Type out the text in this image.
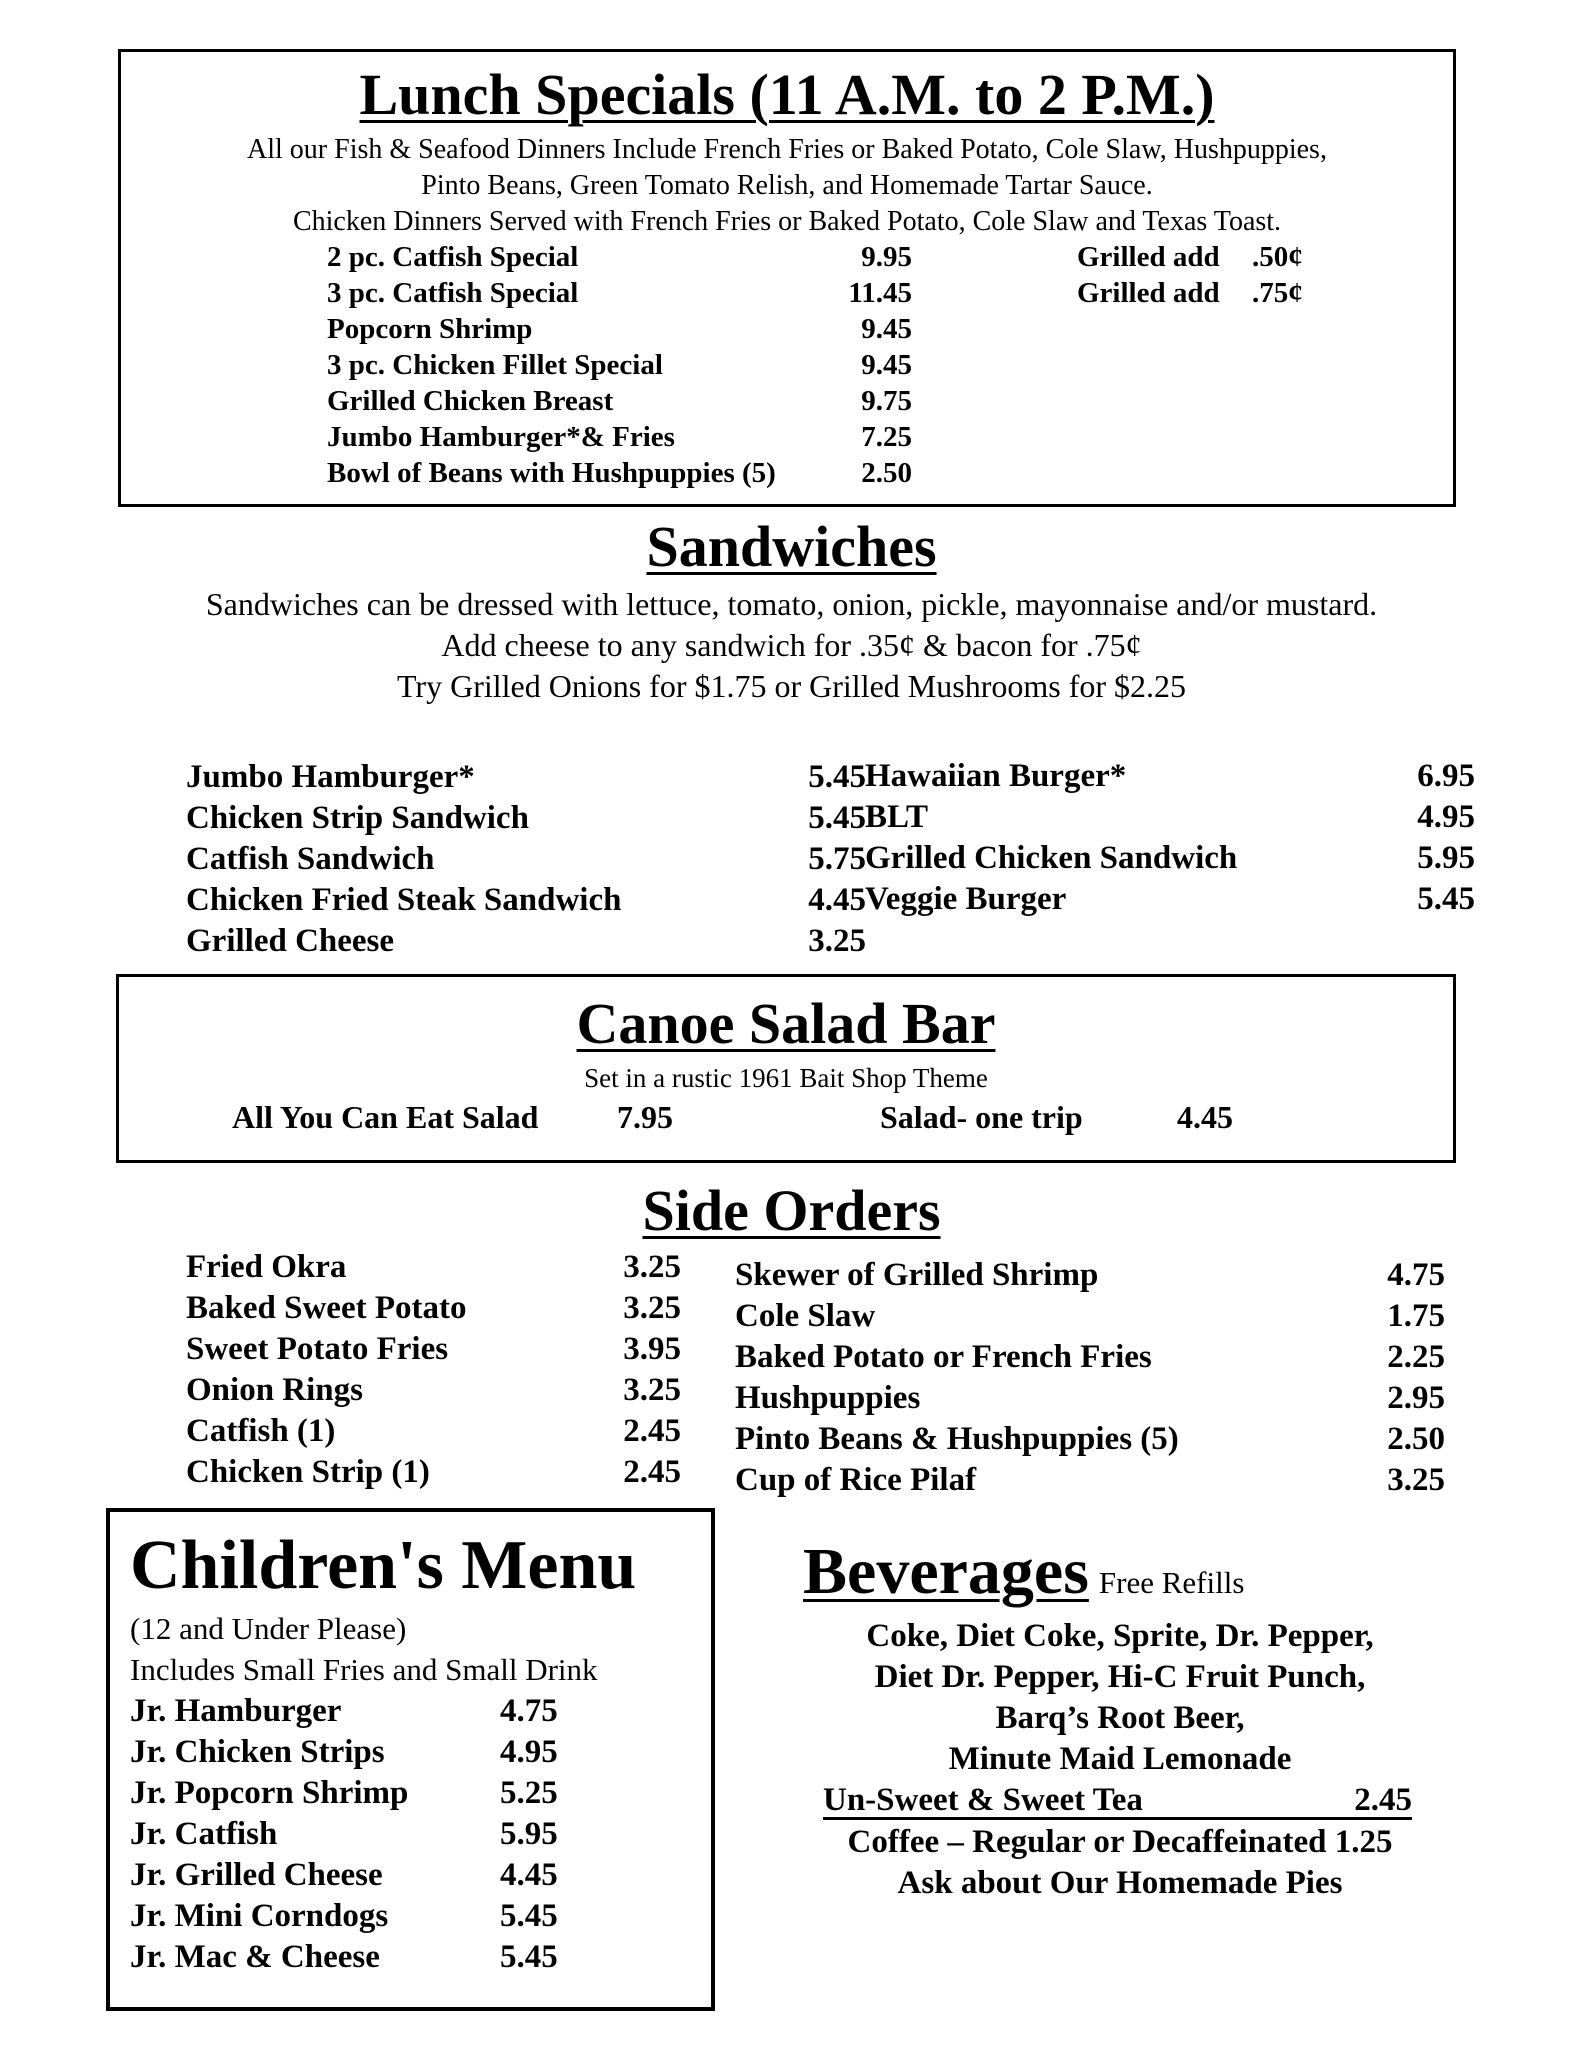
Lunch Specials (11 A.M. to 2 P.M.)
All our Fish & Seafood Dinners Include French Fries or Baked Potato, Cole Slaw, Hushpuppies,
Pinto Beans, Green Tomato Relish, and Homemade Tartar Sauce.
Chicken Dinners Served with French Fries or Baked Potato, Cole Slaw and Texas Toast.
2 pc. Catfish Special	9.95	Grilled add .50¢
3 pc. Catfish Special	11.45	Grilled add .75¢
Popcorn Shrimp	9.45
3 pc. Chicken Fillet Special	9.45
Grilled Chicken Breast	9.75
Jumbo Hamburger*& Fries	7.25
Bowl of Beans with Hushpuppies (5)	2.50
Sandwiches
Sandwiches can be dressed with lettuce, tomato, onion, pickle, mayonnaise and/or mustard.
Add cheese to any sandwich for .35¢ & bacon for .75¢
Try Grilled Onions for $1.75 or Grilled Mushrooms for $2.25
Jumbo Hamburger*	5.45
Chicken Strip Sandwich	5.45
Catfish Sandwich	5.75
Chicken Fried Steak Sandwich	4.45
Grilled Cheese	3.25
Hawaiian Burger*	6.95
BLT	4.95
Grilled Chicken Sandwich	5.95
Veggie Burger	5.45
Canoe Salad Bar
Set in a rustic 1961 Bait Shop Theme
All You Can Eat Salad 7.95	Salad- one trip	4.45
Side Orders
Fried Okra	3.25
Baked Sweet Potato	3.25
Sweet Potato Fries	3.95
Onion Rings	3.25
Catfish (1)	2.45
Chicken Strip (1)	2.45
Skewer of Grilled Shrimp	4.75
Cole Slaw	1.75
Baked Potato or French Fries	2.25
Hushpuppies	2.95
Pinto Beans & Hushpuppies (5)	2.50
Cup of Rice Pilaf	3.25
Children's Menu
(12 and Under Please)
Includes Small Fries and Small Drink
Jr. Hamburger	4.75
Jr. Chicken Strips	4.95
Jr. Popcorn Shrimp	5.25
Jr. Catfish	5.95
Jr. Grilled Cheese	4.45
Jr. Mini Corndogs	5.45
Jr. Mac & Cheese	5.45
Beverages Free Refills
Coke, Diet Coke, Sprite, Dr. Pepper,
Diet Dr. Pepper, Hi-C Fruit Punch,
Barq’s Root Beer,
Minute Maid Lemonade
Un-Sweet & Sweet Tea	2.45
Coffee – Regular or Decaffeinated 1.25
Ask about Our Homemade Pies
